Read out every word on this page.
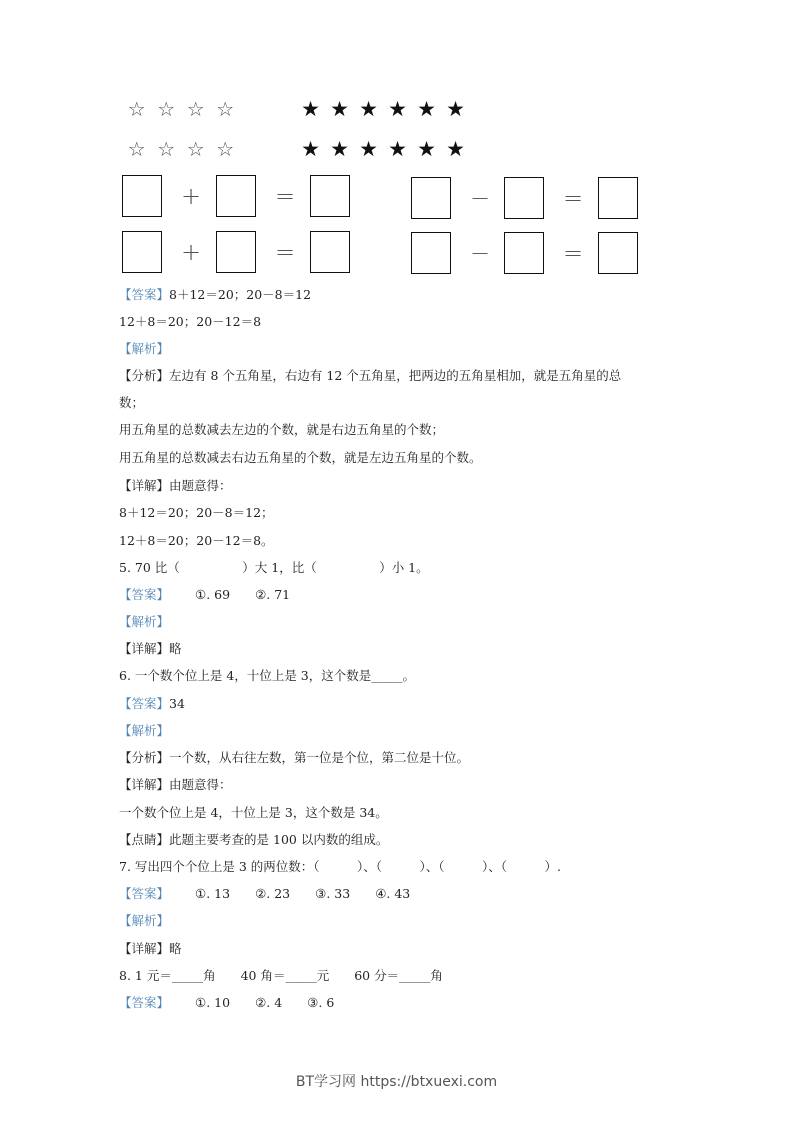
☆ ☆ ☆ ☆	★ ★ ★ ★ ★ ★
☆ ☆ ☆ ☆	★ ★ ★ ★ ★ ★
+	=	−	=
+	=	−	=
【答案】8＋12＝20；20－8＝12
12＋8＝20；20－12＝8
【解析】
【分析】左边有 8 个五角星，右边有 12 个五角星，把两边的五角星相加，就是五角星的总
数；
用五角星的总数减去左边的个数，就是右边五角星的个数；
用五角星的总数减去右边五角星的个数，就是左边五角星的个数。
【详解】由题意得：
8＋12＝20；20－8＝12；
12＋8＝20；20－12＝8。
5. 70 比（　　　　　）大 1，比（　　　　　）小 1。
【答案】 ①. 69　　②. 71
【解析】
【详解】略
6. 一个数个位上是 4，十位上是 3，这个数是_____。
【答案】34
【解析】
【分析】一个数，从右往左数，第一位是个位，第二位是十位。
【详解】由题意得：
一个数个位上是 4，十位上是 3，这个数是 34。
【点睛】此题主要考查的是 100 以内数的组成。
7. 写出四个个位上是 3 的两位数：（　　　）、（　　　）、（　　　）、（　　　）.
【答案】 ①. 13　　②. 23　　③. 33　　④. 43
【解析】
【详解】略
8. 1 元＝_____角　　40 角＝_____元　　60 分＝_____角
【答案】 ①. 10　　②. 4　　③. 6
BT学习网 https://btxuexi.com
